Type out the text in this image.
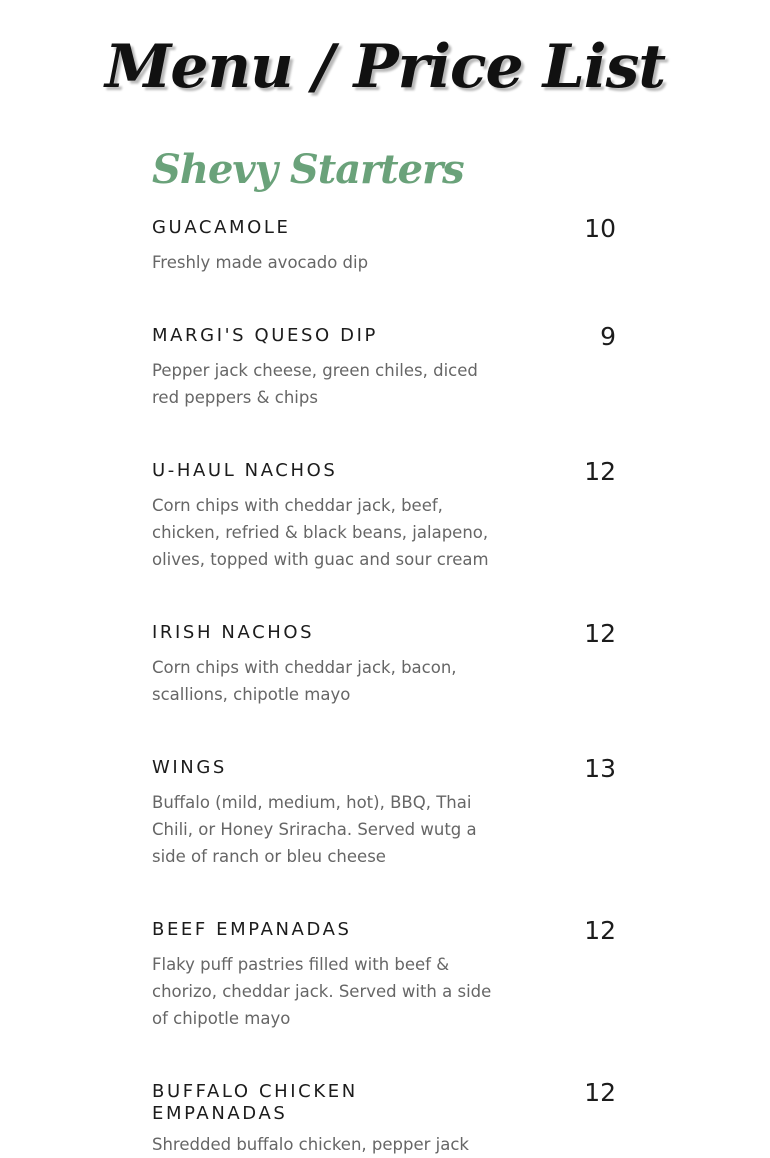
Menu / Price List
Shevy Starters
GUACAMOLE	10
Freshly made avocado dip
MARGI'S QUESO DIP	9
Pepper jack cheese, green chiles, diced red peppers & chips
U-HAUL NACHOS	12
Corn chips with cheddar jack, beef, chicken, refried & black beans, jalapeno, olives, topped with guac and sour cream
IRISH NACHOS	12
Corn chips with cheddar jack, bacon, scallions, chipotle mayo
WINGS	13
Buffalo (mild, medium, hot), BBQ, Thai Chili, or Honey Sriracha. Served wutg a side of ranch or bleu cheese
BEEF EMPANADAS	12
Flaky puff pastries filled with beef & chorizo, cheddar jack. Served with a side of chipotle mayo
BUFFALO CHICKEN EMPANADAS
12
Shredded buffalo chicken, pepper jack
